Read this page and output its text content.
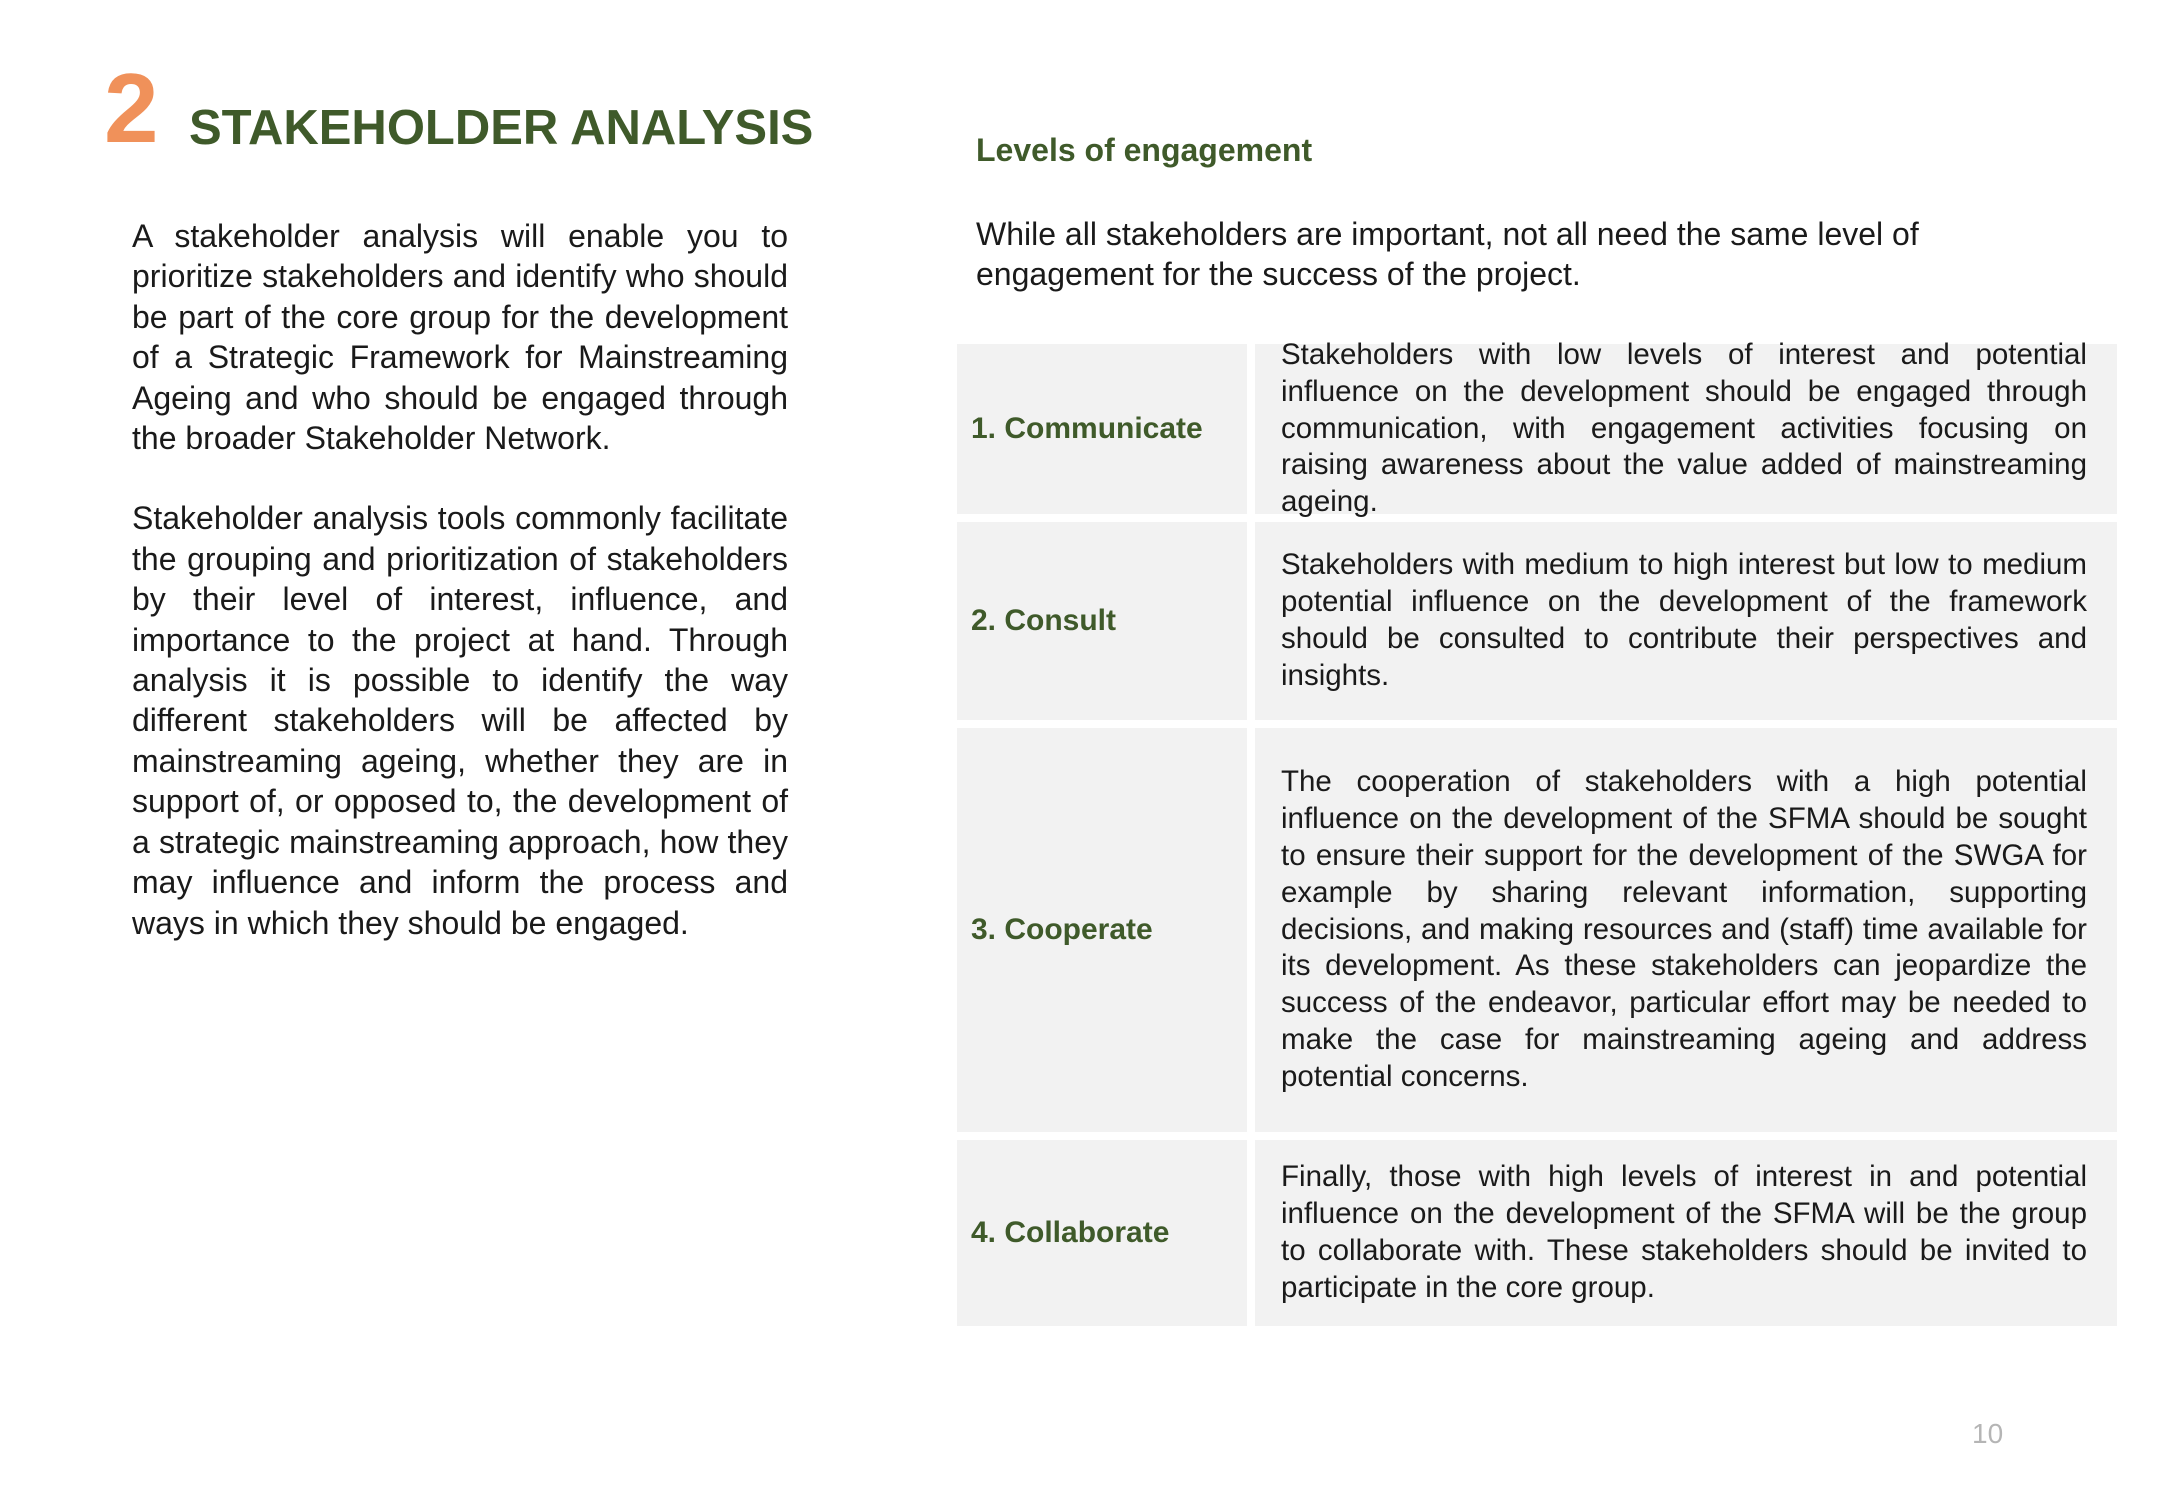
2 STAKEHOLDER ANALYSIS

A stakeholder analysis will enable you to prioritize stakeholders and identify who should be part of the core group for the development of a Strategic Framework for Mainstreaming Ageing and who should be engaged through the broader Stakeholder Network.

Stakeholder analysis tools commonly facilitate the grouping and prioritization of stakeholders by their level of interest, influence, and importance to the project at hand. Through analysis it is possible to identify the way different stakeholders will be affected by mainstreaming ageing, whether they are in support of, or opposed to, the development of a strategic mainstreaming approach, how they may influence and inform the process and ways in which they should be engaged.

Levels of engagement
While all stakeholders are important, not all need the same level of engagement for the success of the project.
1. Communicate
Stakeholders with low levels of interest and potential influence on the development should be engaged through communication, with engagement activities focusing on raising awareness about the value added of mainstreaming ageing.
2. Consult
Stakeholders with medium to high interest but low to medium potential influence on the development of the framework should be consulted to contribute their perspectives and insights.
3. Cooperate
The cooperation of stakeholders with a high potential influence on the development of the SFMA should be sought to ensure their support for the development of the SWGA for example by sharing relevant information, supporting decisions, and making resources and (staff) time available for its development. As these stakeholders can jeopardize the success of the endeavor, particular effort may be needed to make the case for mainstreaming ageing and address potential concerns.
4. Collaborate
Finally, those with high levels of interest in and potential influence on the development of the SFMA will be the group to collaborate with. These stakeholders should be invited to participate in the core group.
10
